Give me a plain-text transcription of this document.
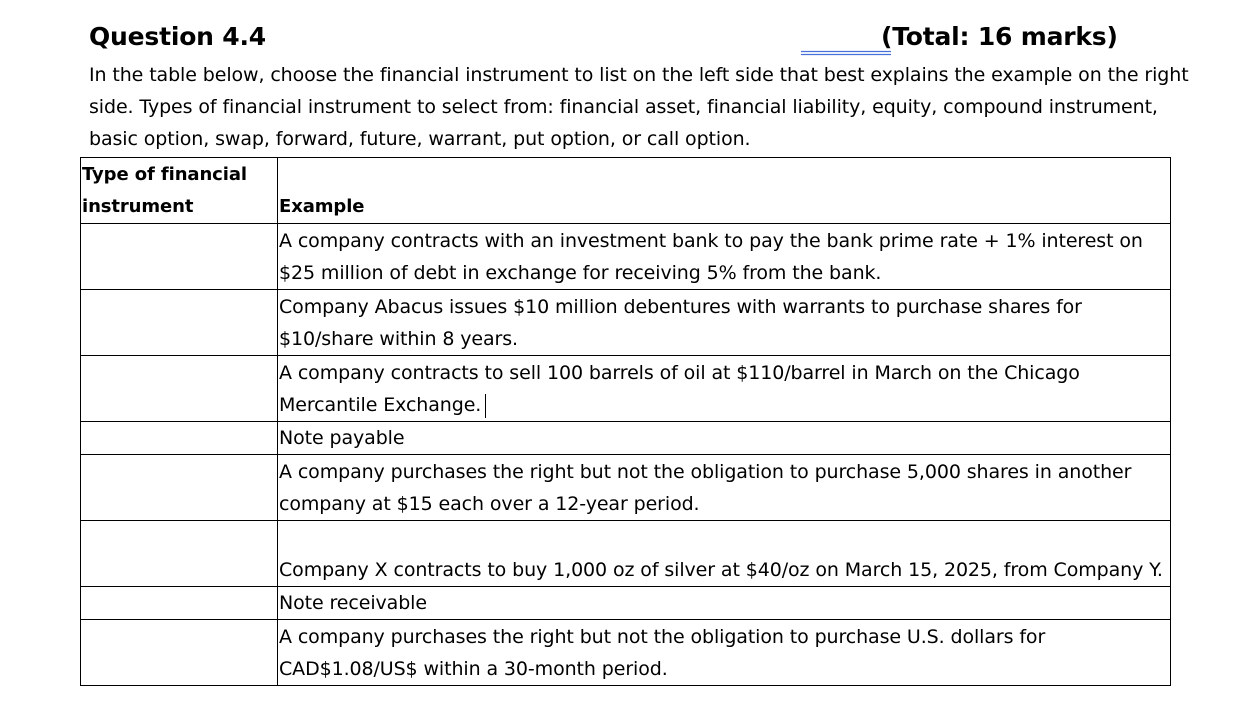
Question 4.4	(Total: 16 marks)
In the table below, choose the financial instrument to list on the left side that best explains the example on the right side. Types of financial instrument to select from: financial asset, financial liability, equity, compound instrument, basic option, swap, forward, future, warrant, put option, or call option.
Type of financial instrument	Example
	A company contracts with an investment bank to pay the bank prime rate + 1% interest on $25 million of debt in exchange for receiving 5% from the bank.
	Company Abacus issues $10 million debentures with warrants to purchase shares for $10/share within 8 years.
	A company contracts to sell 100 barrels of oil at $110/barrel in March on the Chicago Mercantile Exchange.
	Note payable
	A company purchases the right but not the obligation to purchase 5,000 shares in another company at $15 each over a 12-year period.
	Company X contracts to buy 1,000 oz of silver at $40/oz on March 15, 2025, from Company Y.
	Note receivable
	A company purchases the right but not the obligation to purchase U.S. dollars for CAD$1.08/US$ within a 30-month period.
